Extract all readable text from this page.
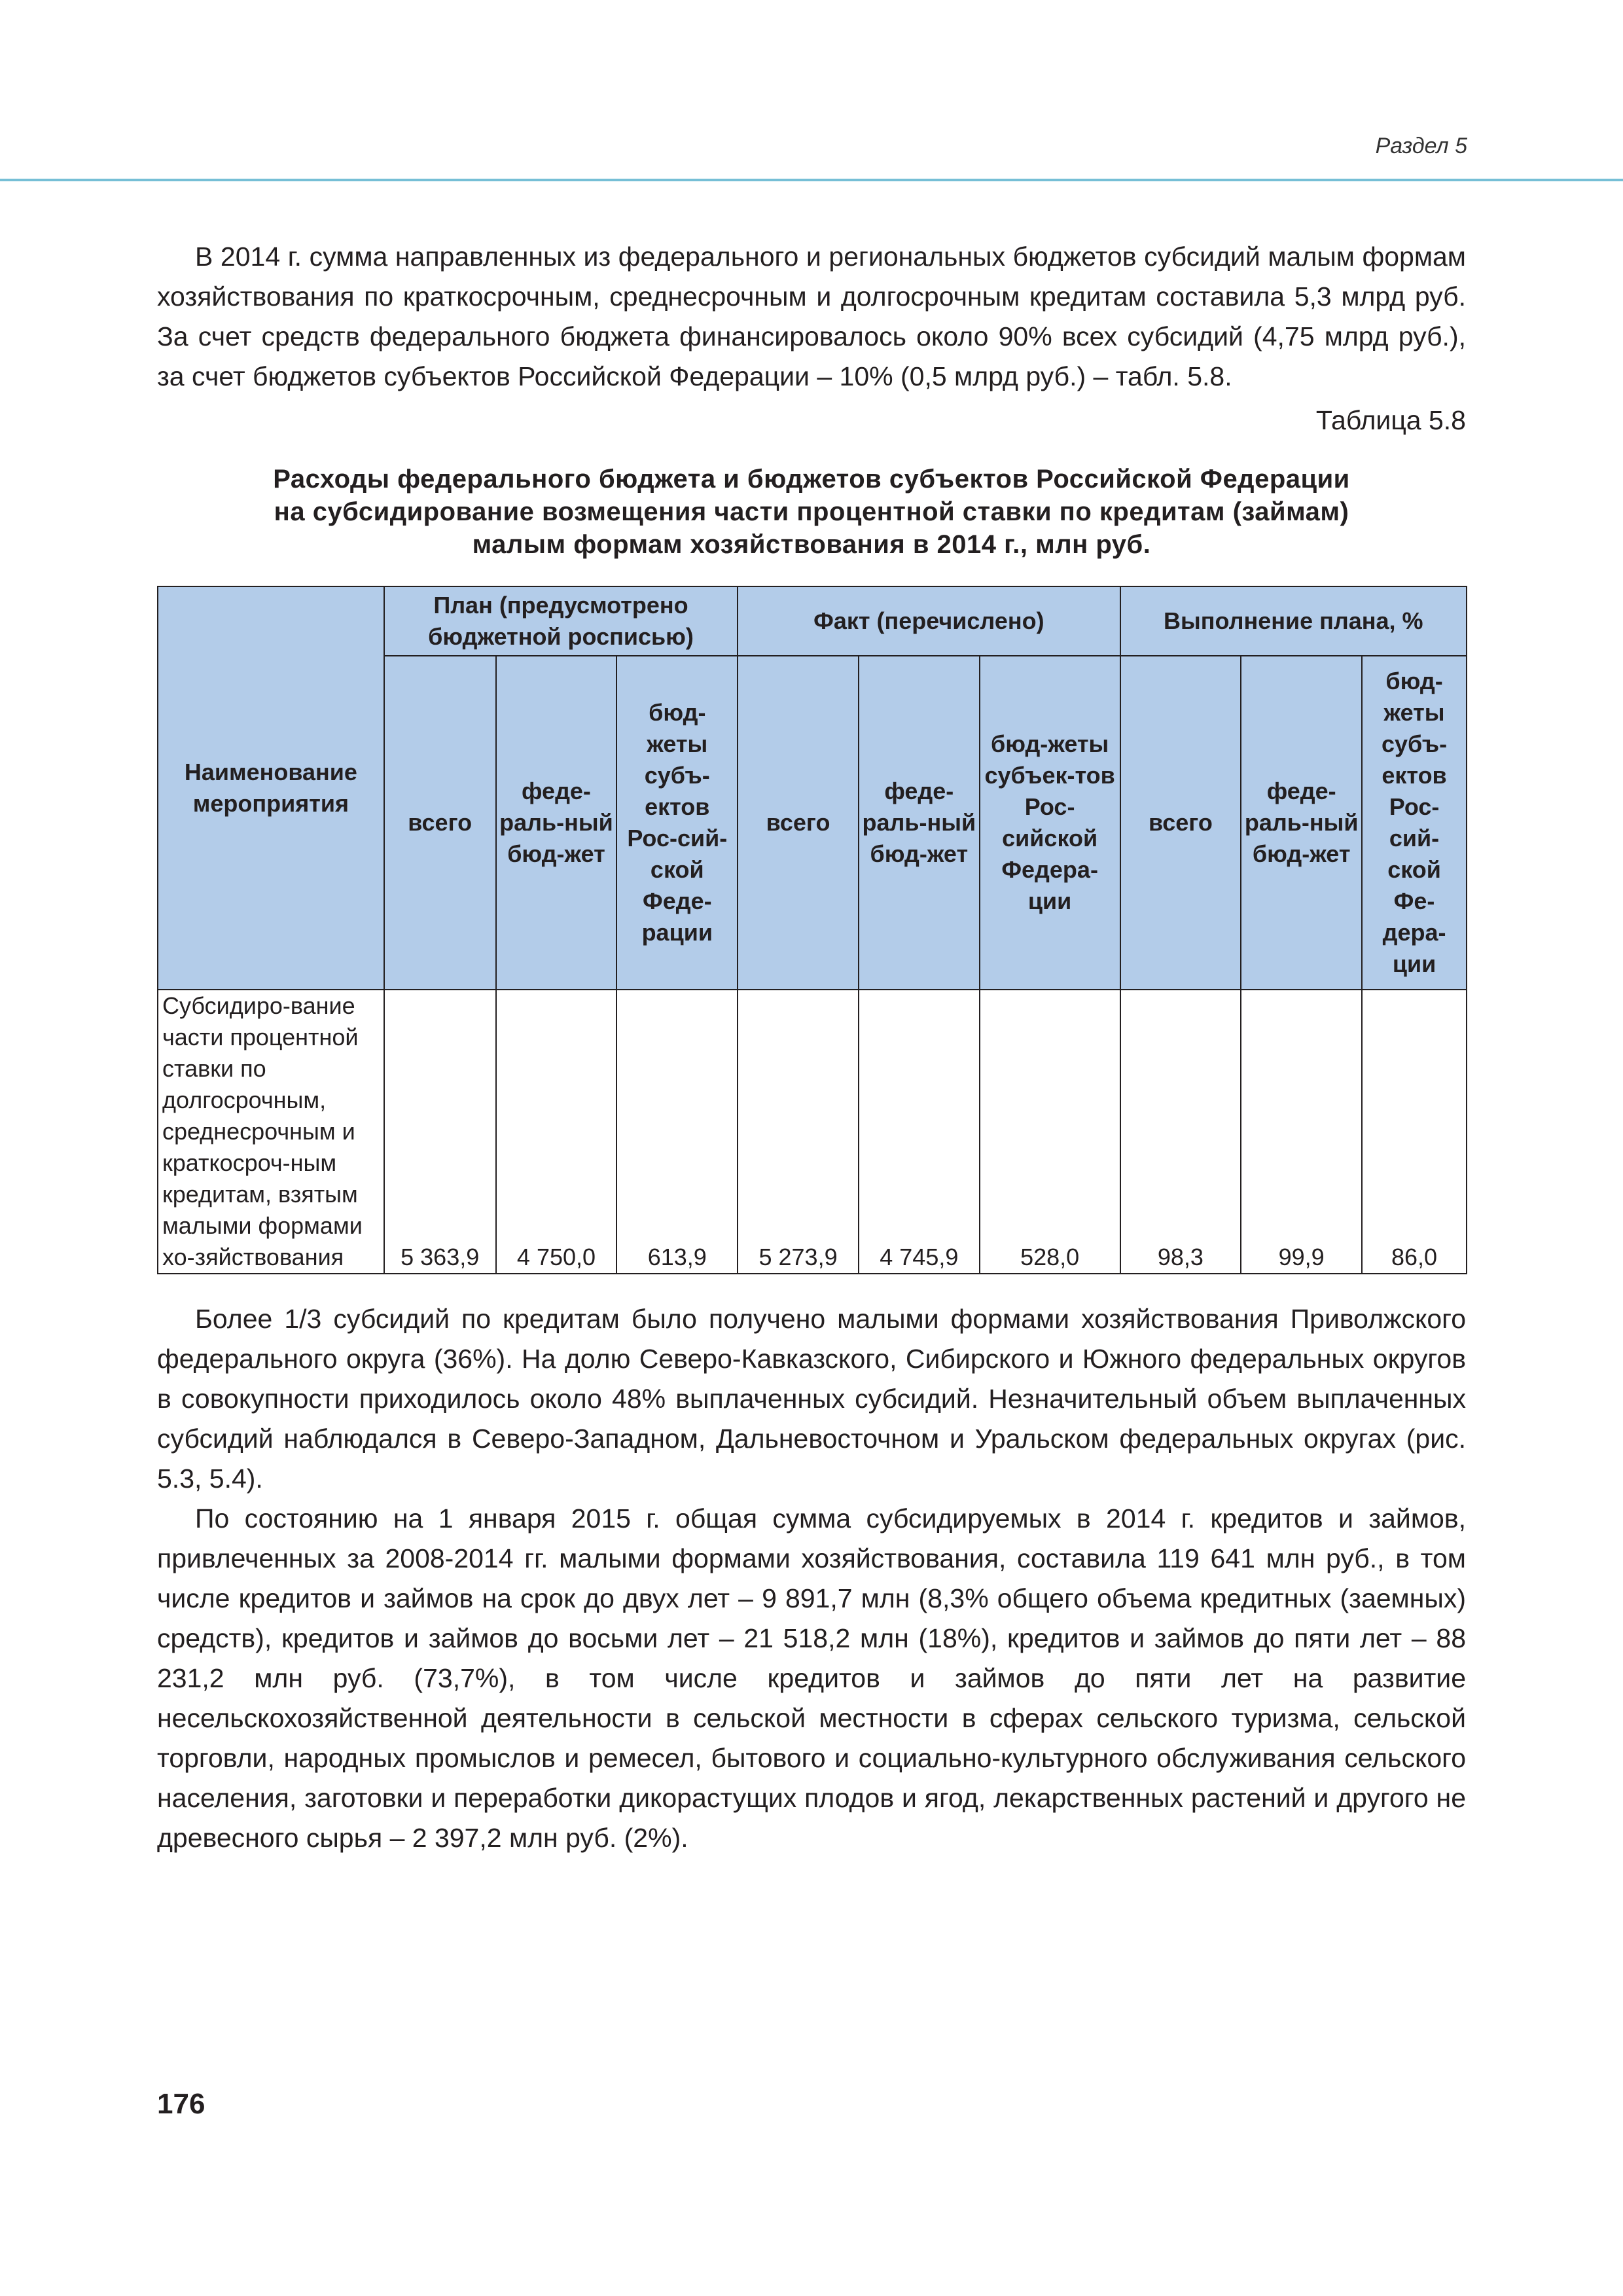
Раздел 5

В 2014 г. сумма направленных из федерального и региональных бюджетов субсидий малым формам хозяйствования по краткосрочным, среднесрочным и долгосрочным кредитам составила 5,3 млрд руб. За счет средств федерального бюджета финансировалось около 90% всех субсидий (4,75 млрд руб.), за счет бюджетов субъектов Российской Федерации – 10% (0,5 млрд руб.) – табл. 5.8.

Таблица 5.8
Расходы федерального бюджета и бюджетов субъектов Российской Федерации
на субсидирование возмещения части процентной ставки по кредитам (займам)
малым формам хозяйствования в 2014 г., млн руб.
Наименование мероприятия	План (предусмотрено бюджетной росписью)			Факт (перечислено)			Выполнение плана, %		
	всего	феде-раль-ный бюд-жет	бюд-жеты субъ-ектов Рос-сий-ской Феде-рации	всего	феде-раль-ный бюд-жет	бюд-жеты субъек-тов Рос-сийской Федера-ции	всего	феде-раль-ный бюд-жет	бюд-жеты субъ-ектов Рос-сий-ской Фе-дера-ции
Субсидиро-вание части процентной ставки по долгосрочным, среднесрочным и краткосроч-ным кредитам, взятым малыми формами хо-зяйствования	5 363,9	4 750,0	613,9	5 273,9	4 745,9	528,0	98,3	99,9	86,0

Более 1/3 субсидий по кредитам было получено малыми формами хозяйствования Приволжского федерального округа (36%). На долю Северо-Кавказского, Сибирского и Южного федеральных округов в совокупности приходилось около 48% выплаченных субсидий. Незначительный объем выплаченных субсидий наблюдался в Северо-Западном, Дальневосточном и Уральском федеральных округах (рис. 5.3, 5.4).

По состоянию на 1 января 2015 г. общая сумма субсидируемых в 2014 г. кредитов и займов, привлеченных за 2008-2014 гг. малыми формами хозяйствования, составила 119 641 млн руб., в том числе кредитов и займов на срок до двух лет – 9 891,7 млн (8,3% общего объема кредитных (заемных) средств), кредитов и займов до восьми лет – 21 518,2 млн (18%), кредитов и займов до пяти лет – 88 231,2 млн руб. (73,7%), в том числе кредитов и займов до пяти лет на развитие несельскохозяйственной деятельности в сельской местности в сферах сельского туризма, сельской торговли, народных промыслов и ремесел, бытового и социально-культурного обслуживания сельского населения, заготовки и переработки дикорастущих плодов и ягод, лекарственных растений и другого не древесного сырья – 2 397,2 млн руб. (2%).

176
